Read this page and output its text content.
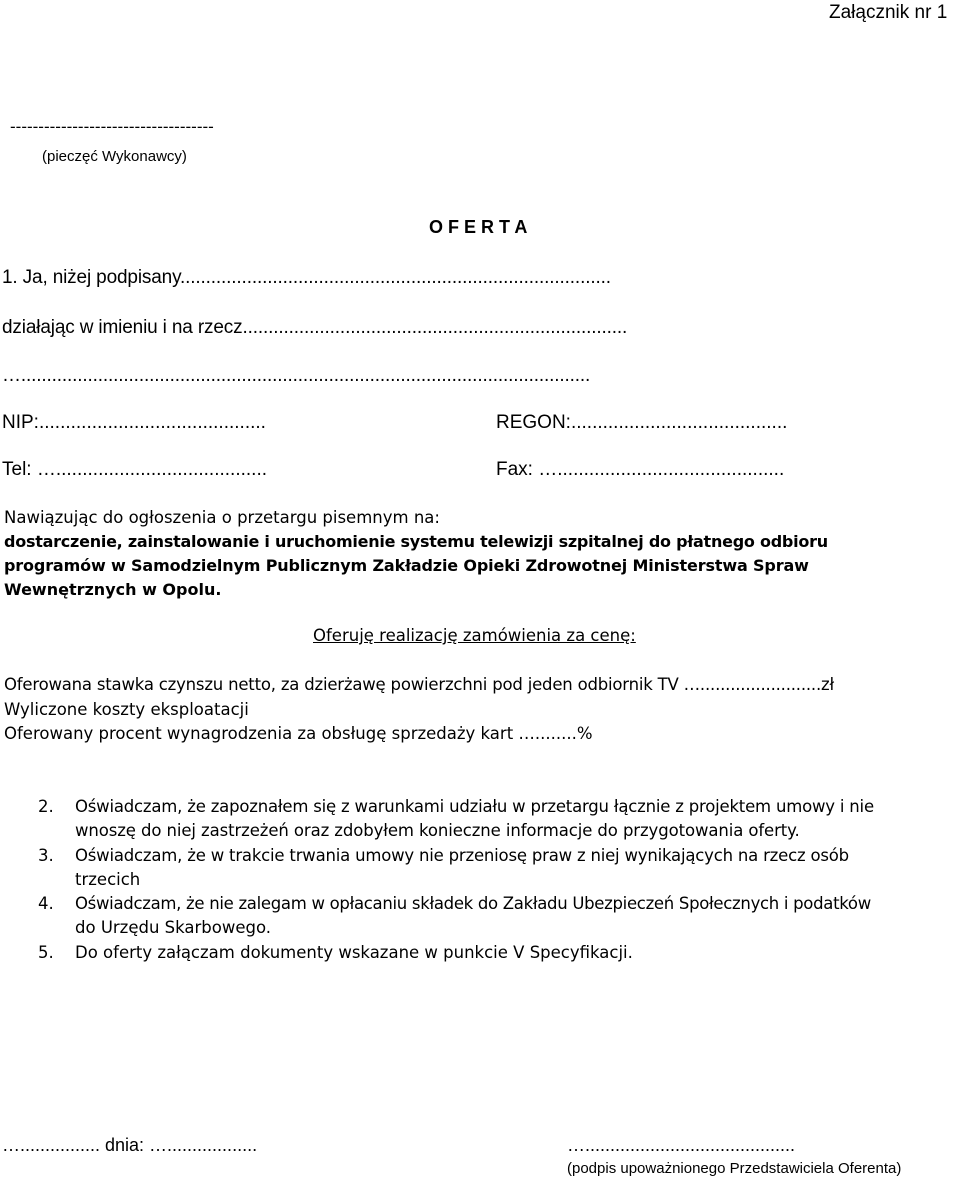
Załącznik nr 1

------------------------------------

(pieczęć Wykonawcy)

O F E R T A

1. Ja, niżej podpisany....................................................................................

działając w imieniu i na rzecz...........................................................................

…...............................................................................................................

NIP:...........................................	REGON:.........................................

Tel: …........................................	Fax: …...........................................

Nawiązując do ogłoszenia o przetargu pisemnym na:

dostarczenie, zainstalowanie i uruchomienie systemu telewizji szpitalnej do płatnego odbioru

programów w Samodzielnym Publicznym Zakładzie Opieki Zdrowotnej Ministerstwa Spraw

Wewnętrznych w Opolu.

Oferuję realizację zamówienia za cenę:

Oferowana stawka czynszu netto, za dzierżawę powierzchni pod jeden odbiornik TV …........................zł

Wyliczone koszty eksploatacji

Oferowany procent wynagrodzenia za obsługę sprzedaży kart …........%

2. Oświadczam, że zapoznałem się z warunkami udziału w przetargu łącznie z projektem umowy i nie

wnoszę do niej zastrzeżeń oraz zdobyłem konieczne informacje do przygotowania oferty.

3. Oświadczam, że w trakcie trwania umowy nie przeniosę praw z niej wynikających na rzecz osób

trzecich

4. Oświadczam, że nie zalegam w opłacaniu składek do Zakładu Ubezpieczeń Społecznych i podatków

do Urzędu Skarbowego.

5. Do oferty załączam dokumenty wskazane w punkcie V Specyfikacji.

…................ dnia: …..................	…..........................................

(podpis upoważnionego Przedstawiciela Oferenta)
